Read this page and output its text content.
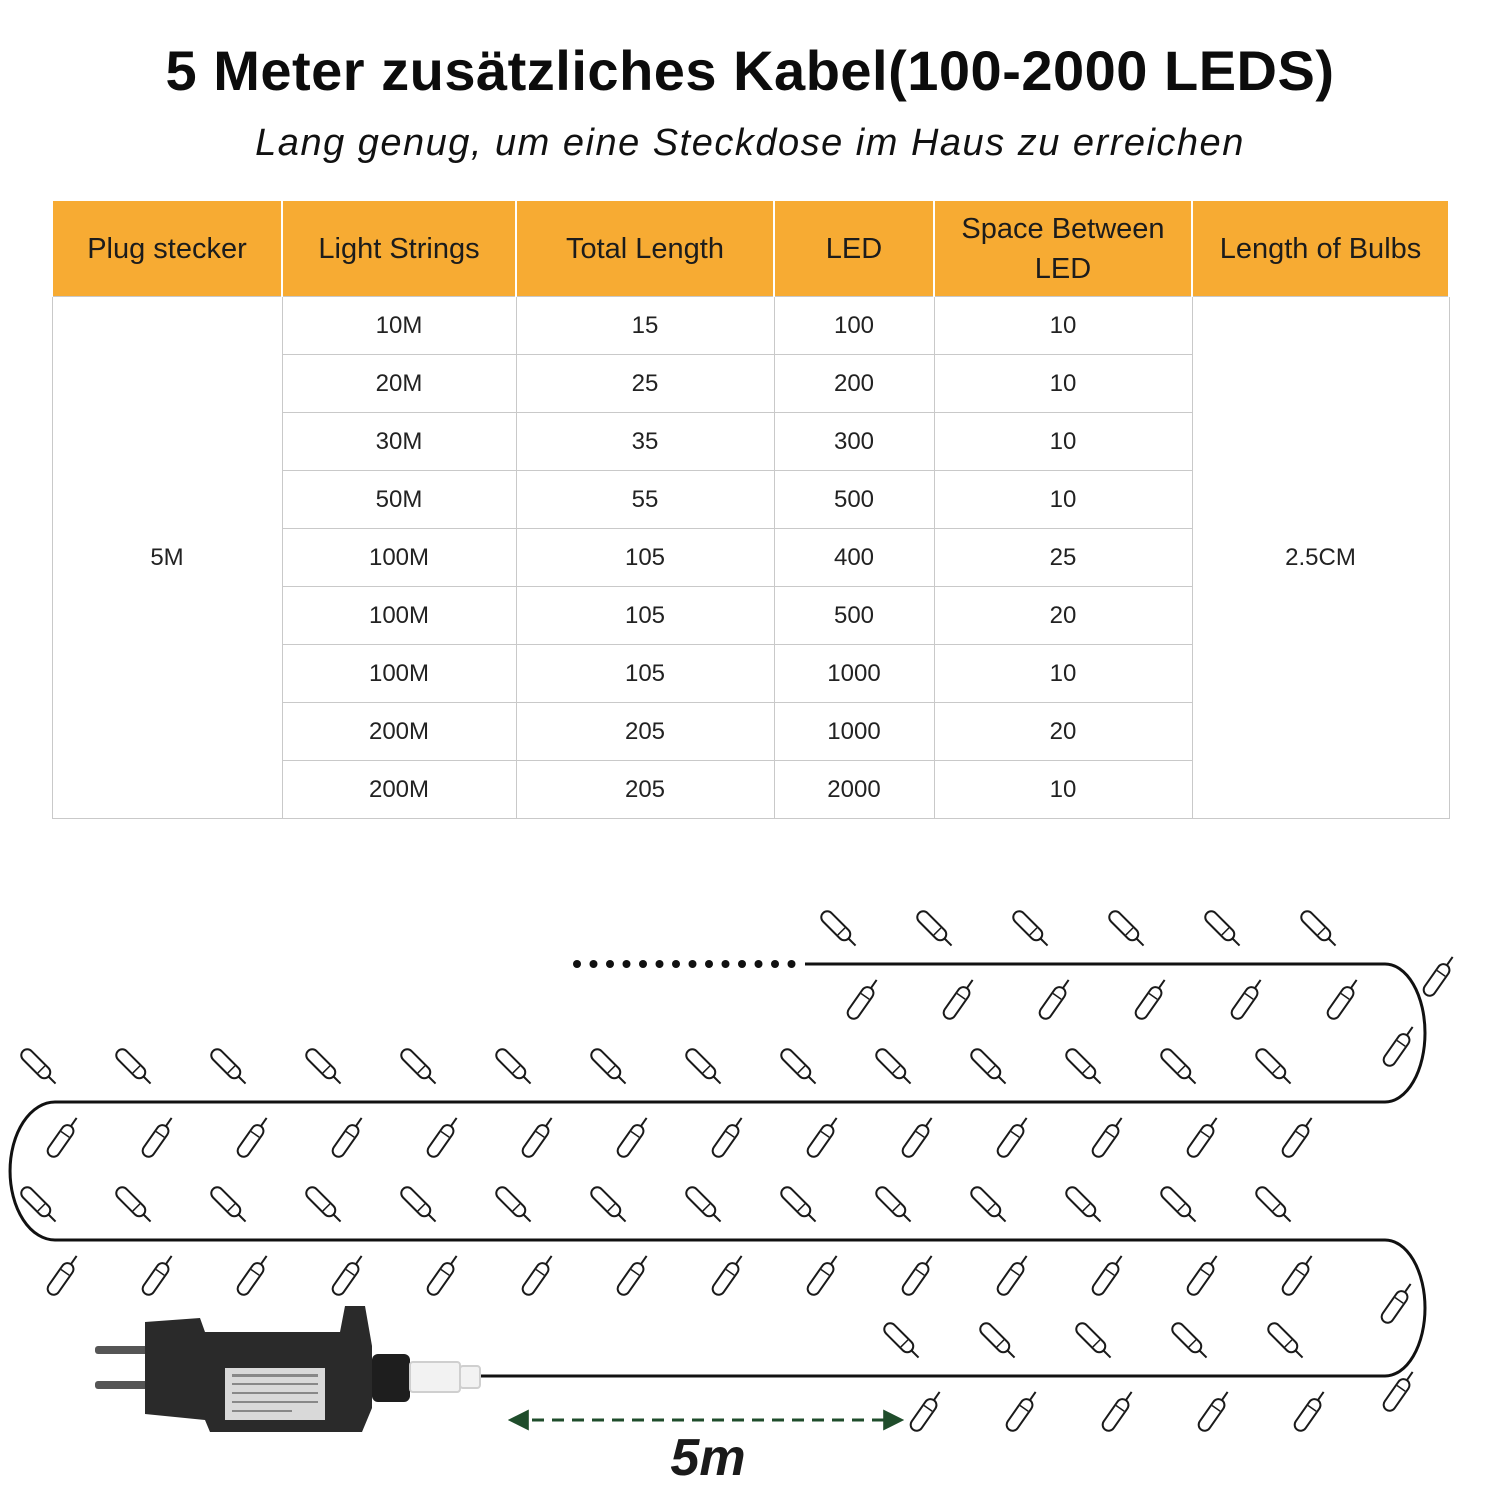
5 Meter zusätzliches Kabel(100-2000 LEDS)
Lang genug, um eine Steckdose im Haus zu erreichen
Plug stecker	Light Strings	Total Length	LED	Space Between LED	Length of Bulbs
5M	10M	15	100	10	2.5CM
	20M	25	200	10	
	30M	35	300	10	
	50M	55	500	10	
	100M	105	400	25	
	100M	105	500	20	
	100M	105	1000	10	
	200M	205	1000	20	
	200M	205	2000	10	
5m
